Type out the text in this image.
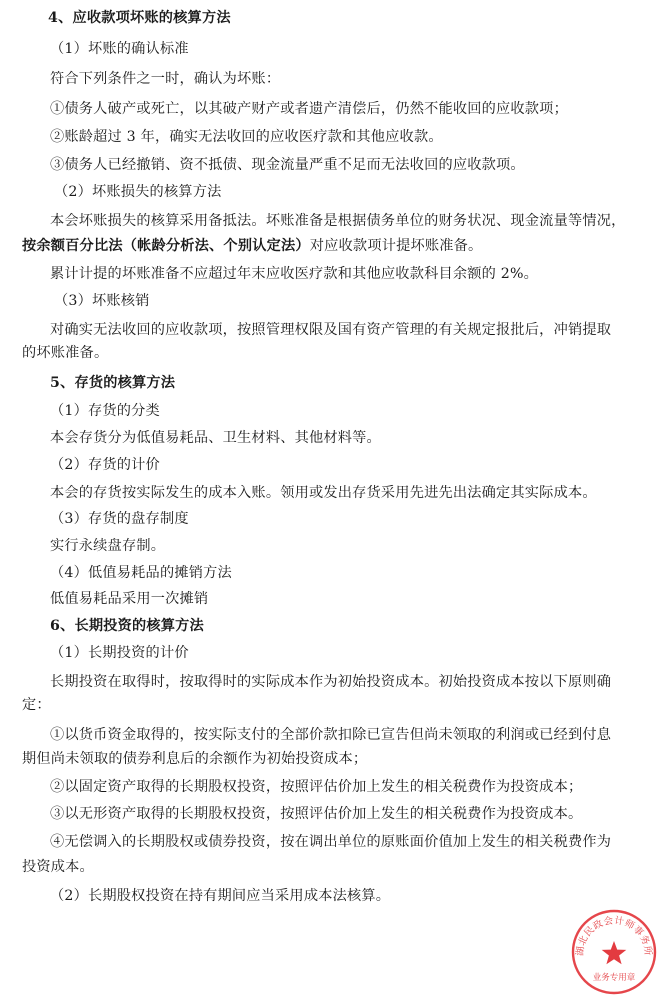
4、应收款项坏账的核算方法
（1）坏账的确认标准
符合下列条件之一时，确认为坏账：
①债务人破产或死亡，以其破产财产或者遗产清偿后，仍然不能收回的应收款项；
②账龄超过 3 年，确实无法收回的应收医疗款和其他应收款。
③债务人已经撤销、资不抵债、现金流量严重不足而无法收回的应收款项。
（2）坏账损失的核算方法
本会坏账损失的核算采用备抵法。坏账准备是根据债务单位的财务状况、现金流量等情况，
按余额百分比法（帐龄分析法、个别认定法）对应收款项计提坏账准备。
累计计提的坏账准备不应超过年末应收医疗款和其他应收款科目余额的 2%。
（3）坏账核销
对确实无法收回的应收款项，按照管理权限及国有资产管理的有关规定报批后，冲销提取
的坏账准备。
5、存货的核算方法
（1）存货的分类
本会存货分为低值易耗品、卫生材料、其他材料等。
（2）存货的计价
本会的存货按实际发生的成本入账。领用或发出存货采用先进先出法确定其实际成本。
（3）存货的盘存制度
实行永续盘存制。
（4）低值易耗品的摊销方法
低值易耗品采用一次摊销
6、长期投资的核算方法
（1）长期投资的计价
长期投资在取得时，按取得时的实际成本作为初始投资成本。初始投资成本按以下原则确
定：
①以货币资金取得的，按实际支付的全部价款扣除已宣告但尚未领取的利润或已经到付息
期但尚未领取的债券利息后的余额作为初始投资成本；
②以固定资产取得的长期股权投资，按照评估价加上发生的相关税费作为投资成本；
③以无形资产取得的长期股权投资，按照评估价加上发生的相关税费作为投资成本。
④无偿调入的长期股权或债券投资，按在调出单位的原账面价值加上发生的相关税费作为
投资成本。
（2）长期股权投资在持有期间应当采用成本法核算。
湖北民政会计师事务所
业务专用章
